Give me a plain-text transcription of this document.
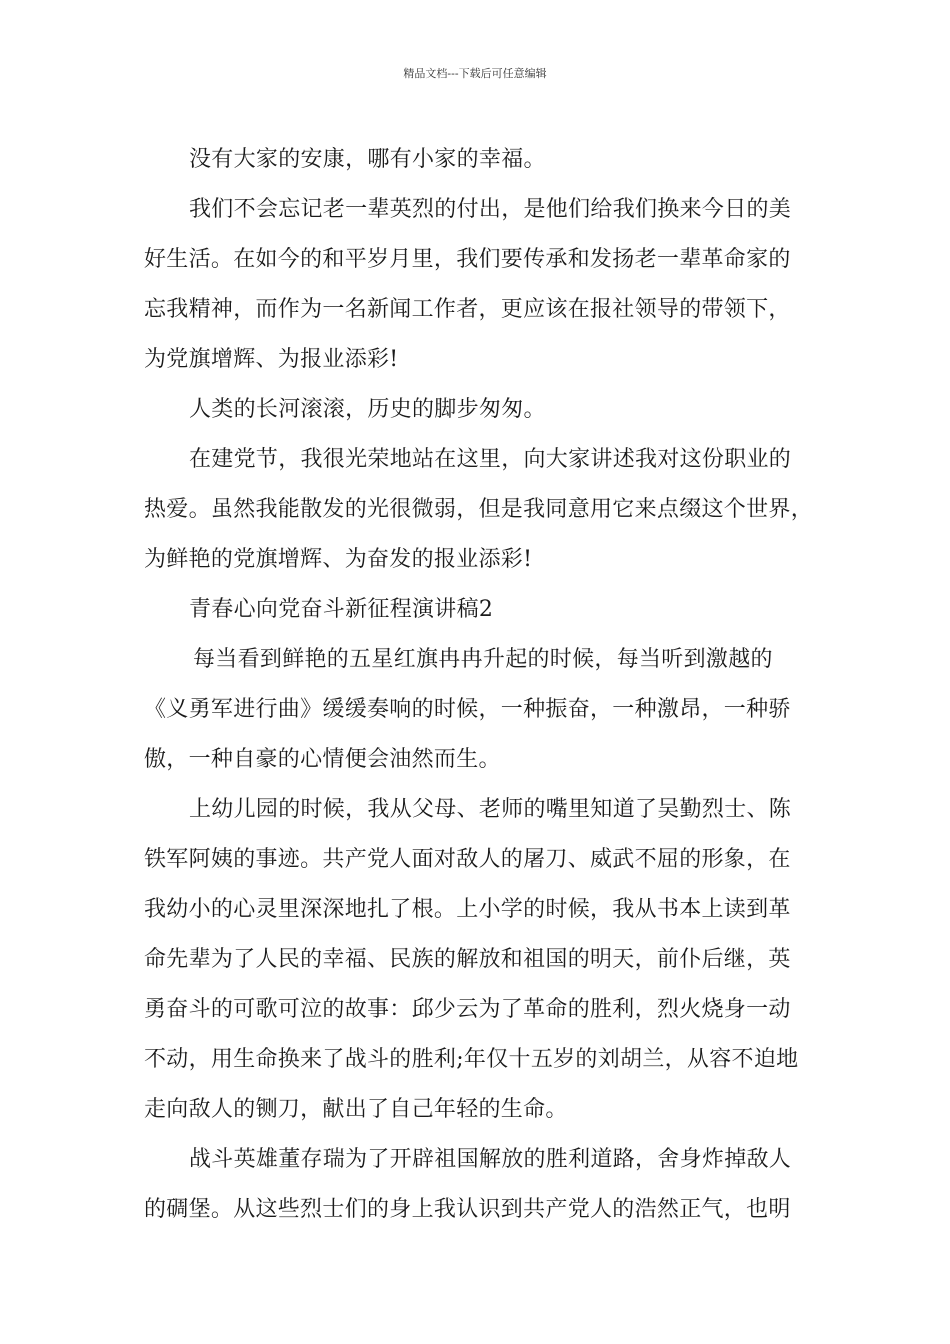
精品文档---下载后可任意编辑
没有大家的安康，哪有小家的幸福。
我们不会忘记老一辈英烈的付出，是他们给我们换来今日的美
好生活。在如今的和平岁月里，我们要传承和发扬老一辈革命家的
忘我精神，而作为一名新闻工作者，更应该在报社领导的带领下，
为党旗增辉、为报业添彩!
人类的长河滚滚，历史的脚步匆匆。
在建党节，我很光荣地站在这里，向大家讲述我对这份职业的
热爱。虽然我能散发的光很微弱，但是我同意用它来点缀这个世界，
为鲜艳的党旗增辉、为奋发的报业添彩!
青春心向党奋斗新征程演讲稿2
每当看到鲜艳的五星红旗冉冉升起的时候，每当听到激越的
《义勇军进行曲》缓缓奏响的时候，一种振奋，一种激昂，一种骄
傲，一种自豪的心情便会油然而生。
上幼儿园的时候，我从父母、老师的嘴里知道了吴勤烈士、陈
铁军阿姨的事迹。共产党人面对敌人的屠刀、威武不屈的形象，在
我幼小的心灵里深深地扎了根。上小学的时候，我从书本上读到革
命先辈为了人民的幸福、民族的解放和祖国的明天，前仆后继，英
勇奋斗的可歌可泣的故事：邱少云为了革命的胜利，烈火烧身一动
不动，用生命换来了战斗的胜利;年仅十五岁的刘胡兰，从容不迫地
走向敌人的铡刀，献出了自己年轻的生命。
战斗英雄董存瑞为了开辟祖国解放的胜利道路，舍身炸掉敌人
的碉堡。从这些烈士们的身上我认识到共产党人的浩然正气，也明
